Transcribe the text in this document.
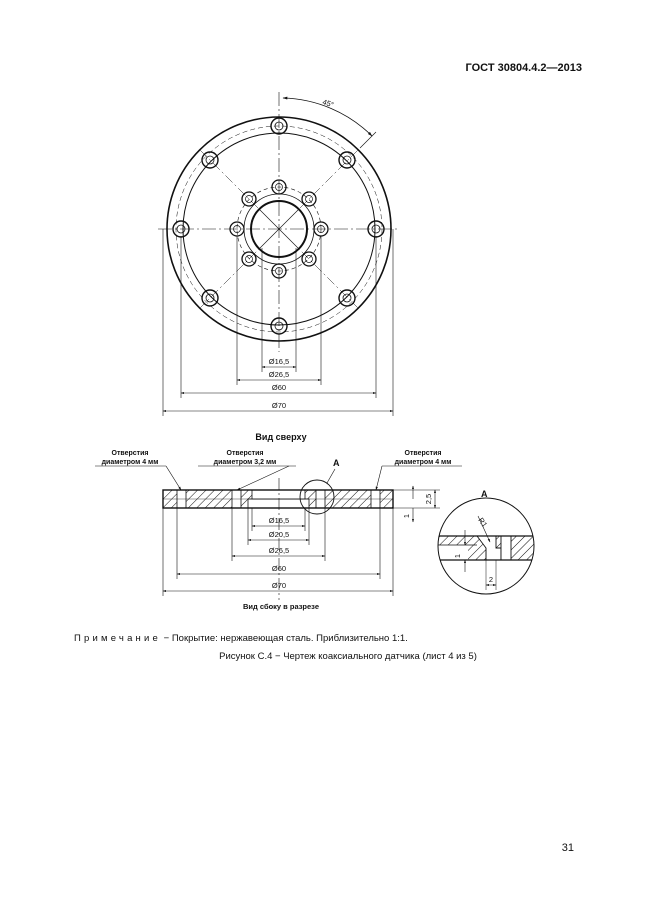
ГОСТ 30804.4.2—2013
45°
Ø16,5
Ø26,5
Ø60
Ø70
Вид сверху
Отверстия
диаметром 4 мм
Отверстия
диаметром 3,2 мм
Отверстия
диаметром 4 мм
A
2,5
1
Ø16,5
Ø20,5
Ø26,5
Ø60
Ø70
Вид сбоку в разрезе
A
R1
1
2
Примечание − Покрытие: нержавеющая сталь. Приблизительно 1:1.
Рисунок С.4 − Чертеж коаксиального датчика (лист 4 из 5)
31
